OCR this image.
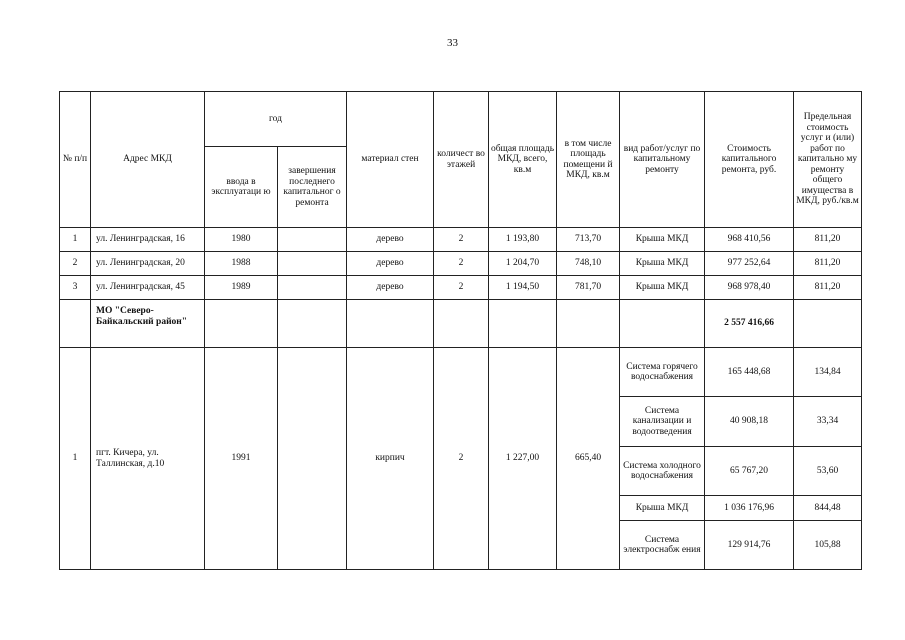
33
№ п/п	Адрес МКД	год		материал стен	количест во этажей	общая площадь МКД, всего, кв.м	в том числе площадь помещени й МКД, кв.м	вид работ/услуг по капитальному ремонту	Стоимость капитального ремонта, руб.	Предельная стоимость услуг и (или) работ по капитально му ремонту общего имущества в МКД, руб./кв.м
		ввода в эксплуатаци ю	завершения последнего капитальног о ремонта							
1	ул. Ленинградская, 16	1980		дерево	2	1 193,80	713,70	Крыша МКД	968 410,56	811,20
2	ул. Ленинградская, 20	1988		дерево	2	1 204,70	748,10	Крыша МКД	977 252,64	811,20
3	ул. Ленинградская, 45	1989		дерево	2	1 194,50	781,70	Крыша МКД	968 978,40	811,20
	МО "Северо-Байкальский район"								2 557 416,66	
1	пгт. Кичера, ул. Таллинская, д.10	1991		кирпич	2	1 227,00	665,40	Система горячего водоснабжения	165 448,68	134,84
								Система канализации и водоотведения	40 908,18	33,34
								Система холодного водоснабжения	65 767,20	53,60
								Крыша МКД	1 036 176,96	844,48
								Система электроснабж ения	129 914,76	105,88
